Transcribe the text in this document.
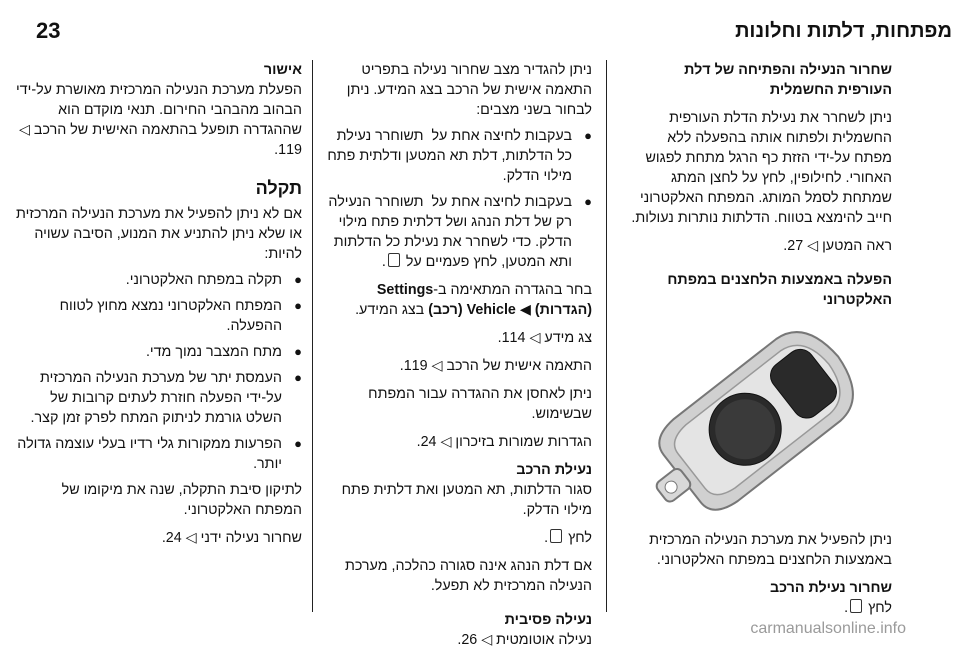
23	מפתחות, דלתות וחלונות

שחרור הנעילה והפתיחה של דלת העורפית החשמלית

ניתן לשחרר את נעילת הדלת העורפית החשמלית ולפתוח אותה בהפעלה ללא מפתח על-ידי הזזת כף הרגל מתחת לפגוש האחורי. לחילופין, לחץ על לחצן המתג שמתחת לסמל המותג. המפתח האלקטרוני חייב להימצא בטווח. הדלתות נותרות נעולות.

ראה המטען ◁ 27.

הפעלה באמצעות הלחצנים במפתח האלקטרוני

ניתן להפעיל את מערכת הנעילה המרכזית באמצעות הלחצנים במפתח האלקטרוני.

שחרור נעילת הרכב

לחץ .

ניתן להגדיר מצב שחרור נעילה בתפריט התאמה אישית של הרכב בצג המידע. ניתן לבחור בשני מצבים:

● בעקבות לחיצה אחת על תשוחרר נעילת כל הדלתות, דלת תא המטען ודלתית פתח מילוי הדלק.
● בעקבות לחיצה אחת על תשוחרר הנעילה רק של דלת הנהג ושל דלתית פתח מילוי הדלק. כדי לשחרר את נעילת כל הדלתות ותא המטען, לחץ פעמיים על .

בחר בהגדרה המתאימה ב-Settings (הגדרות) ◀ Vehicle (רכב) בצג המידע.

צג מידע ◁ 114.

התאמה אישית של הרכב ◁ 119.

ניתן לאחסן את ההגדרה עבור המפתח שבשימוש.

הגדרות שמורות בזיכרון ◁ 24.

נעילת הרכב

סגור הדלתות, תא המטען ואת דלתית פתח מילוי הדלק.

לחץ .

אם דלת הנהג אינה סגורה כהלכה, מערכת הנעילה המרכזית לא תפעל.

נעילה פסיבית

נעילה אוטומטית ◁ 26.

אישור

הפעלת מערכת הנעילה המרכזית מאושרת על-ידי הבהוב מהבהבי החירום. תנאי מוקדם הוא שההגדרה תופעל בהתאמה האישית של הרכב ◁ 119.

תקלה

אם לא ניתן להפעיל את מערכת הנעילה המרכזית או שלא ניתן להתניע את המנוע, הסיבה עשויה להיות:

● תקלה במפתח האלקטרוני.
● המפתח האלקטרוני נמצא מחוץ לטווח ההפעלה.
● מתח המצבר נמוך מדי.
● העמסת יתר של מערכת הנעילה המרכזית על-ידי הפעלה חוזרת לעתים קרובות של השלט גורמת לניתוק המתח לפרק זמן קצר.
● הפרעות ממקורות גלי רדיו בעלי עוצמה גדולה יותר.

לתיקון סיבת התקלה, שנה את מיקומו של המפתח האלקטרוני.

שחרור נעילה ידני ◁ 24.

carmanualsonline.info
